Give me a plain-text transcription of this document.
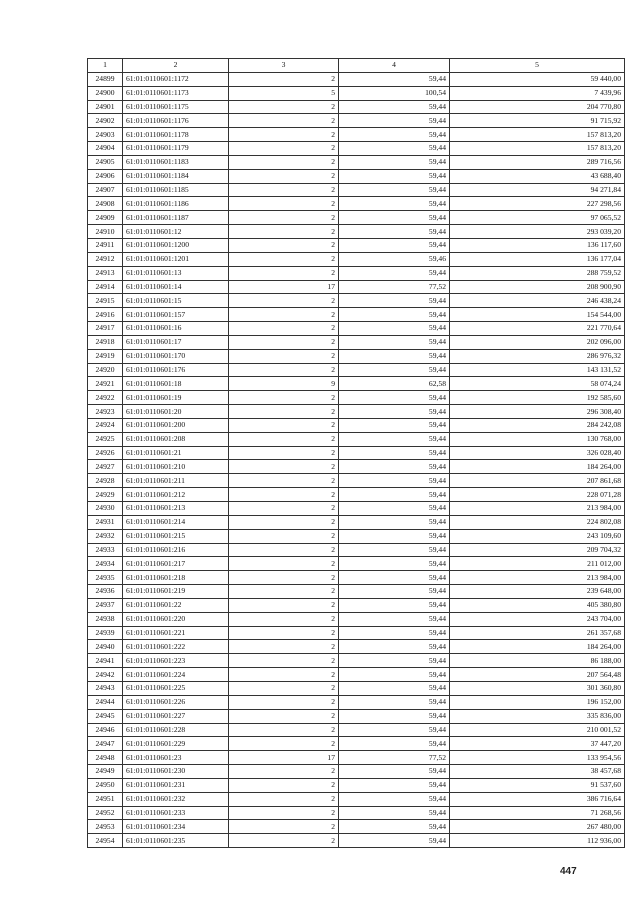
1	2	3	4	5
24899	61:01:0110601:1172	2	59,44	59 440,00
24900	61:01:0110601:1173	5	100,54	7 439,96
24901	61:01:0110601:1175	2	59,44	204 770,80
24902	61:01:0110601:1176	2	59,44	91 715,92
24903	61:01:0110601:1178	2	59,44	157 813,20
24904	61:01:0110601:1179	2	59,44	157 813,20
24905	61:01:0110601:1183	2	59,44	289 716,56
24906	61:01:0110601:1184	2	59,44	43 688,40
24907	61:01:0110601:1185	2	59,44	94 271,84
24908	61:01:0110601:1186	2	59,44	227 298,56
24909	61:01:0110601:1187	2	59,44	97 065,52
24910	61:01:0110601:12	2	59,44	293 039,20
24911	61:01:0110601:1200	2	59,44	136 117,60
24912	61:01:0110601:1201	2	59,46	136 177,04
24913	61:01:0110601:13	2	59,44	288 759,52
24914	61:01:0110601:14	17	77,52	208 900,90
24915	61:01:0110601:15	2	59,44	246 438,24
24916	61:01:0110601:157	2	59,44	154 544,00
24917	61:01:0110601:16	2	59,44	221 770,64
24918	61:01:0110601:17	2	59,44	202 096,00
24919	61:01:0110601:170	2	59,44	286 976,32
24920	61:01:0110601:176	2	59,44	143 131,52
24921	61:01:0110601:18	9	62,58	58 074,24
24922	61:01:0110601:19	2	59,44	192 585,60
24923	61:01:0110601:20	2	59,44	296 308,40
24924	61:01:0110601:200	2	59,44	284 242,08
24925	61:01:0110601:208	2	59,44	130 768,00
24926	61:01:0110601:21	2	59,44	326 028,40
24927	61:01:0110601:210	2	59,44	184 264,00
24928	61:01:0110601:211	2	59,44	207 861,68
24929	61:01:0110601:212	2	59,44	228 071,28
24930	61:01:0110601:213	2	59,44	213 984,00
24931	61:01:0110601:214	2	59,44	224 802,08
24932	61:01:0110601:215	2	59,44	243 109,60
24933	61:01:0110601:216	2	59,44	209 704,32
24934	61:01:0110601:217	2	59,44	211 012,00
24935	61:01:0110601:218	2	59,44	213 984,00
24936	61:01:0110601:219	2	59,44	239 648,00
24937	61:01:0110601:22	2	59,44	405 380,80
24938	61:01:0110601:220	2	59,44	243 704,00
24939	61:01:0110601:221	2	59,44	261 357,68
24940	61:01:0110601:222	2	59,44	184 264,00
24941	61:01:0110601:223	2	59,44	86 188,00
24942	61:01:0110601:224	2	59,44	207 564,48
24943	61:01:0110601:225	2	59,44	301 360,80
24944	61:01:0110601:226	2	59,44	196 152,00
24945	61:01:0110601:227	2	59,44	335 836,00
24946	61:01:0110601:228	2	59,44	210 001,52
24947	61:01:0110601:229	2	59,44	37 447,20
24948	61:01:0110601:23	17	77,52	133 954,56
24949	61:01:0110601:230	2	59,44	38 457,68
24950	61:01:0110601:231	2	59,44	91 537,60
24951	61:01:0110601:232	2	59,44	386 716,64
24952	61:01:0110601:233	2	59,44	71 268,56
24953	61:01:0110601:234	2	59,44	267 480,00
24954	61:01:0110601:235	2	59,44	112 936,00
447
